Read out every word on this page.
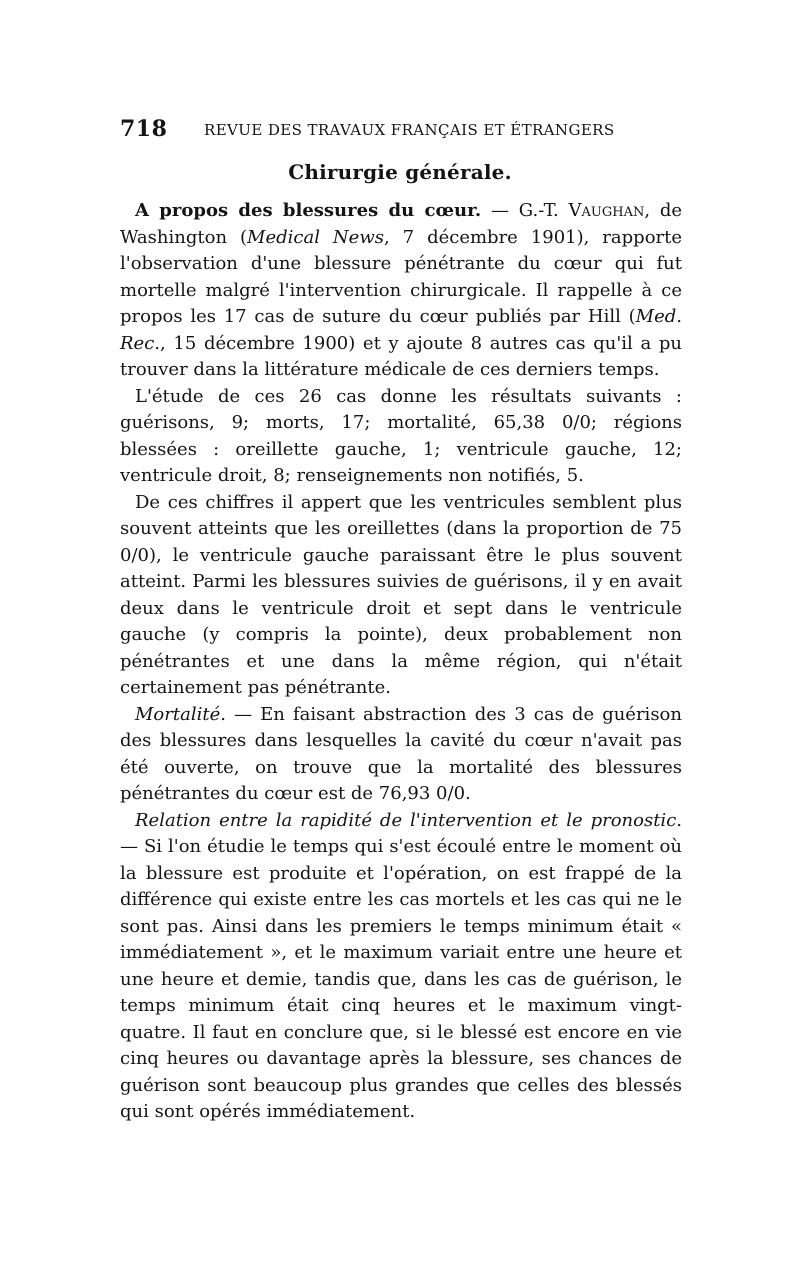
718 REVUE DES TRAVAUX FRANÇAIS ET ÉTRANGERS
Chirurgie générale.

A propos des blessures du cœur. — G.-T. Vaughan, de Washington (Medical News, 7 décembre 1901), rapporte l'observation d'une blessure pénétrante du cœur qui fut mortelle malgré l'intervention chirurgicale. Il rappelle à ce propos les 17 cas de suture du cœur publiés par Hill (Med. Rec., 15 décembre 1900) et y ajoute 8 autres cas qu'il a pu trouver dans la littérature médicale de ces derniers temps.

L'étude de ces 26 cas donne les résultats suivants : guérisons, 9; morts, 17; mortalité, 65,38 0/0; régions blessées : oreillette gauche, 1; ventricule gauche, 12; ventricule droit, 8; renseignements non notifiés, 5.

De ces chiffres il appert que les ventricules semblent plus souvent atteints que les oreillettes (dans la proportion de 75 0/0), le ventricule gauche paraissant être le plus souvent atteint. Parmi les blessures suivies de guérisons, il y en avait deux dans le ventricule droit et sept dans le ventricule gauche (y compris la pointe), deux probablement non pénétrantes et une dans la même région, qui n'était certainement pas pénétrante.

Mortalité. — En faisant abstraction des 3 cas de guérison des blessures dans lesquelles la cavité du cœur n'avait pas été ouverte, on trouve que la mortalité des blessures pénétrantes du cœur est de 76,93 0/0.

Relation entre la rapidité de l'intervention et le pronostic. — Si l'on étudie le temps qui s'est écoulé entre le moment où la blessure est produite et l'opération, on est frappé de la différence qui existe entre les cas mortels et les cas qui ne le sont pas. Ainsi dans les premiers le temps minimum était « immédiatement », et le maximum variait entre une heure et une heure et demie, tandis que, dans les cas de guérison, le temps minimum était cinq heures et le maximum vingt-quatre. Il faut en conclure que, si le blessé est encore en vie cinq heures ou davantage après la blessure, ses chances de guérison sont beaucoup plus grandes que celles des blessés qui sont opérés immédiatement.
